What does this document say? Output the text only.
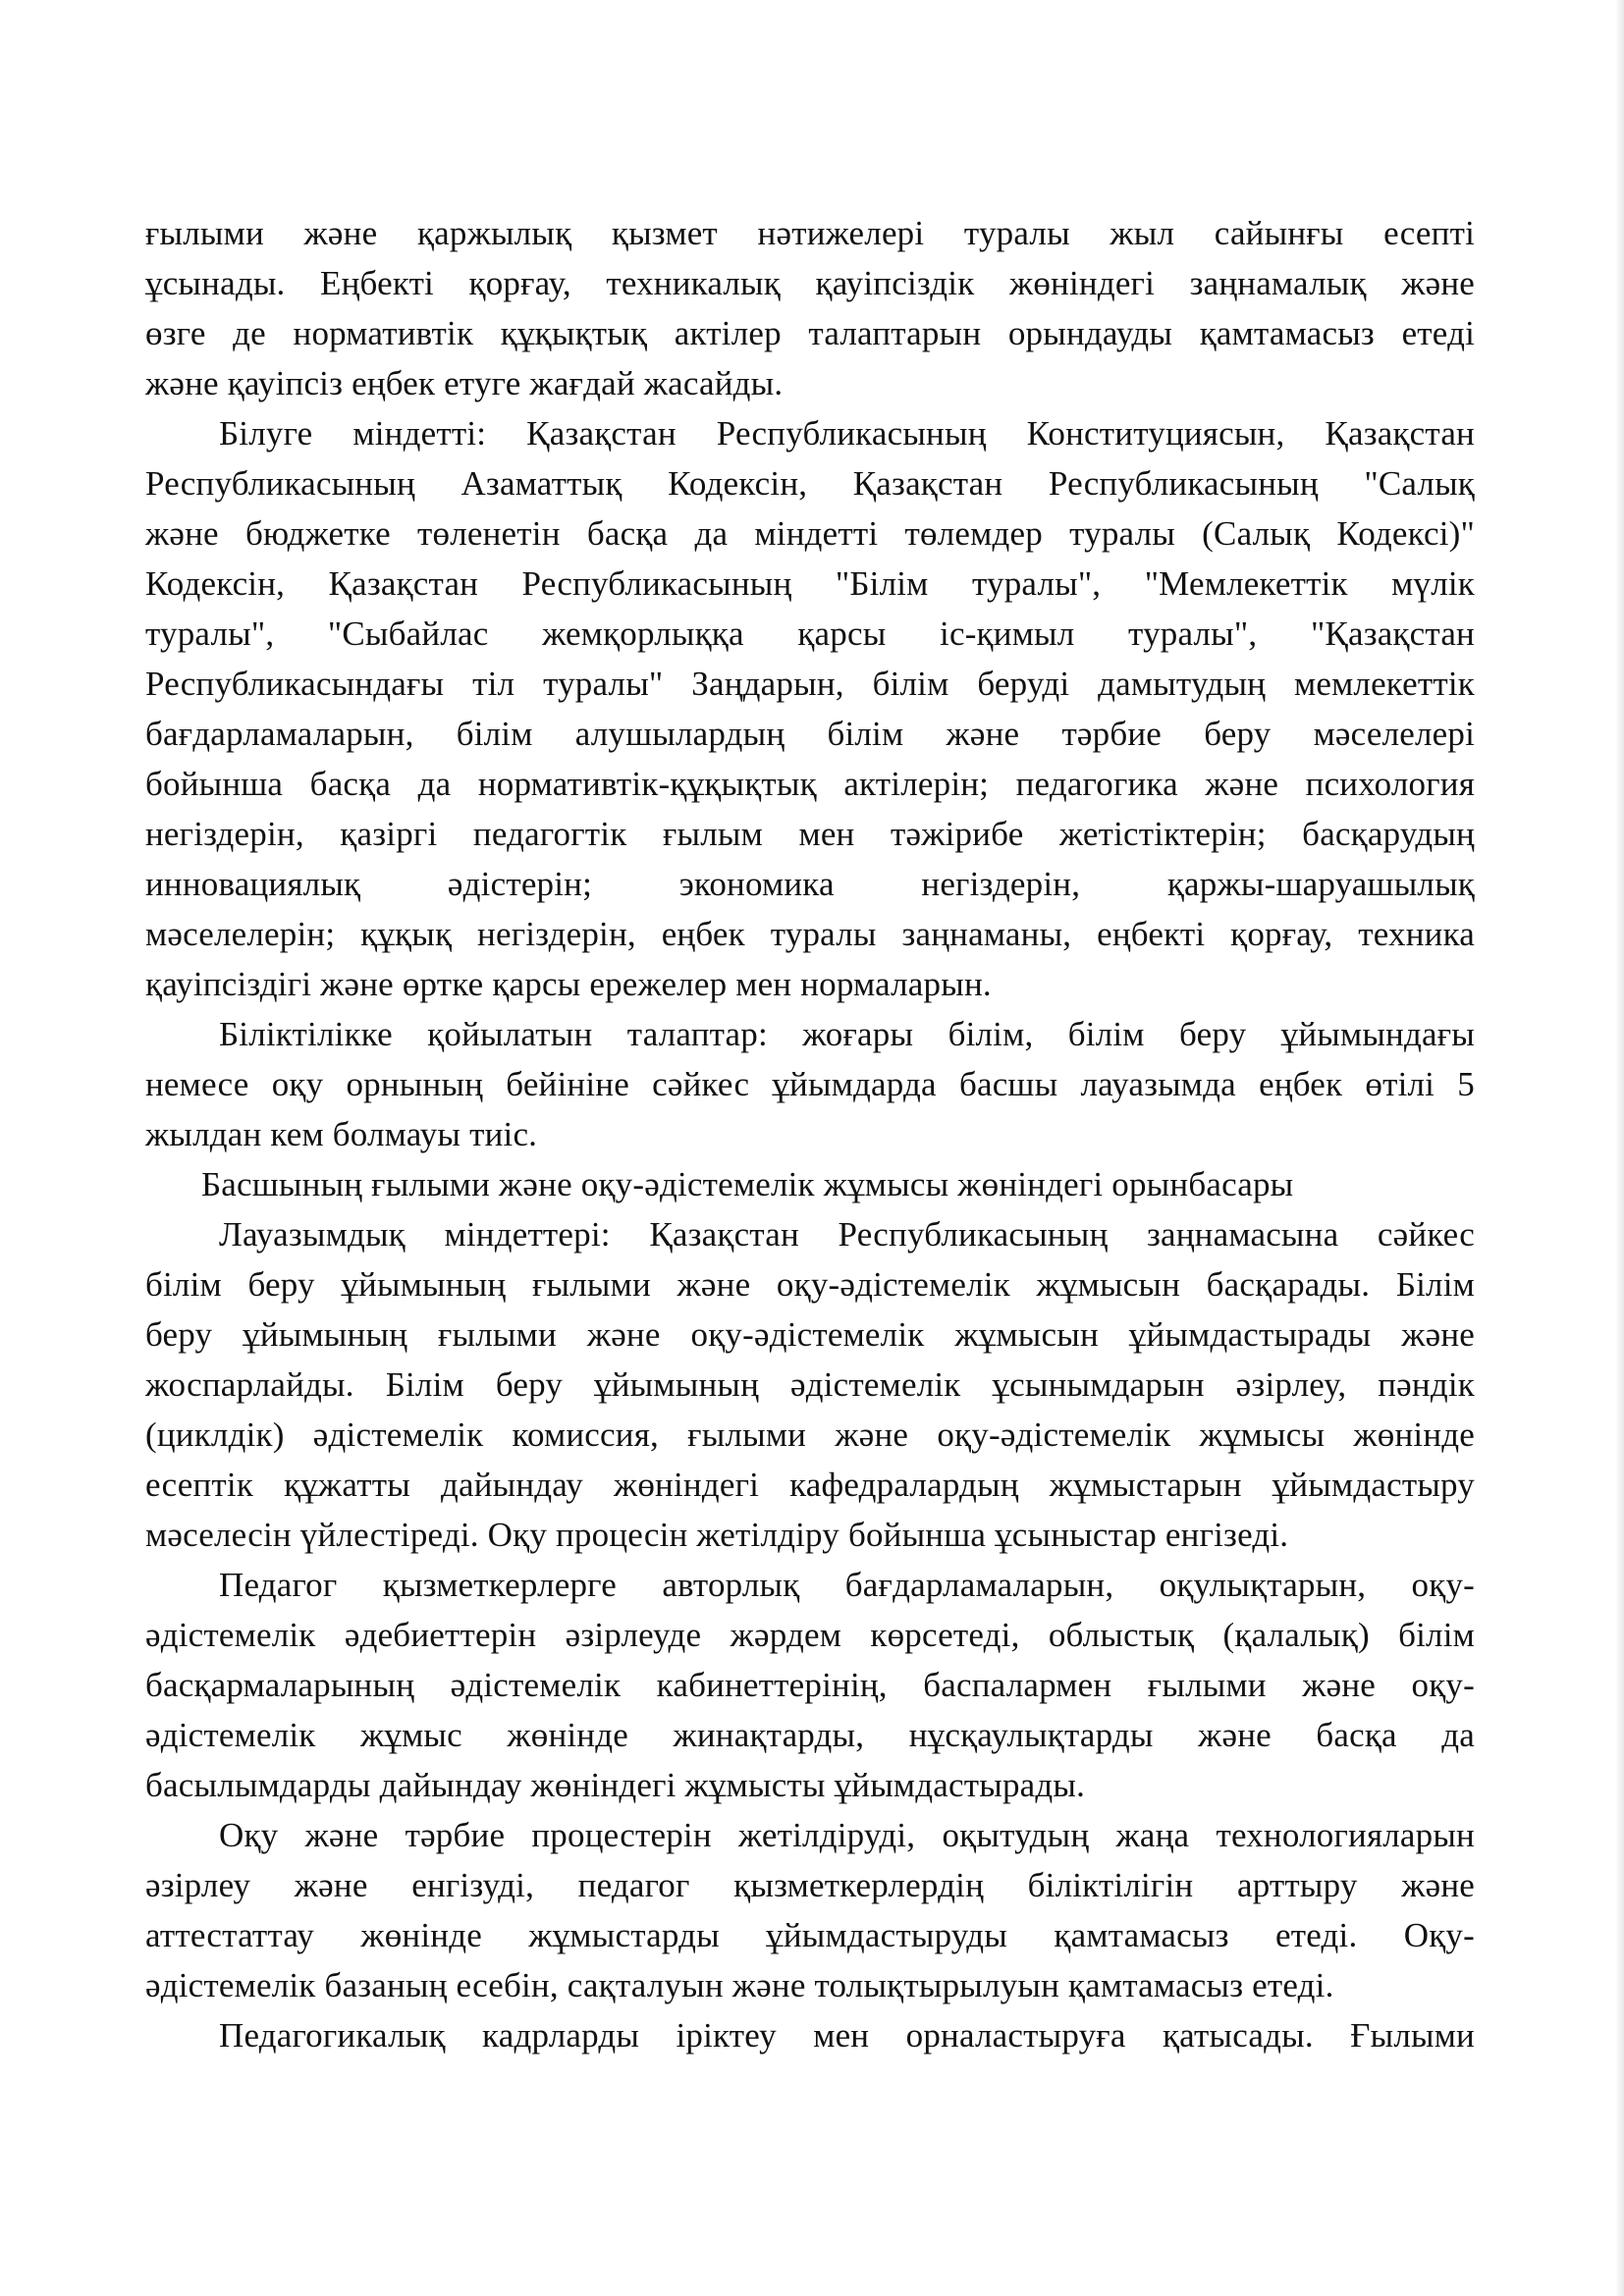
ғылыми және қаржылық қызмет нәтижелері туралы жыл сайынғы есепті
ұсынады. Еңбекті қорғау, техникалық қауіпсіздік жөніндегі заңнамалық және
өзге де нормативтік құқықтық актілер талаптарын орындауды қамтамасыз етеді
және қауіпсіз еңбек етуге жағдай жасайды.
Білуге міндетті: Қазақстан Республикасының Конституциясын, Қазақстан
Республикасының Азаматтық Кодексін, Қазақстан Республикасының "Салық
және бюджетке төленетін басқа да міндетті төлемдер туралы (Салық Кодексі)"
Кодексін, Қазақстан Республикасының "Білім туралы", "Мемлекеттік мүлік
туралы", "Сыбайлас жемқорлыққа қарсы іс-қимыл туралы", "Қазақстан
Республикасындағы тіл туралы" Заңдарын, білім беруді дамытудың мемлекеттік
бағдарламаларын, білім алушылардың білім және тәрбие беру мәселелері
бойынша басқа да нормативтік-құқықтық актілерін; педагогика және психология
негіздерін, қазіргі педагогтік ғылым мен тәжірибе жетістіктерін; басқарудың
инновациялық әдістерін; экономика негіздерін, қаржы-шаруашылық
мәселелерін; құқық негіздерін, еңбек туралы заңнаманы, еңбекті қорғау, техника
қауіпсіздігі және өртке қарсы ережелер мен нормаларын.
Біліктілікке қойылатын талаптар: жоғары білім, білім беру ұйымындағы
немесе оқу орнының бейініне сәйкес ұйымдарда басшы лауазымда еңбек өтілі 5
жылдан кем болмауы тиіс.
Басшының ғылыми және оқу-әдістемелік жұмысы жөніндегі орынбасары
Лауазымдық міндеттері: Қазақстан Республикасының заңнамасына сәйкес
білім беру ұйымының ғылыми және оқу-әдістемелік жұмысын басқарады. Білім
беру ұйымының ғылыми және оқу-әдістемелік жұмысын ұйымдастырады және
жоспарлайды. Білім беру ұйымының әдістемелік ұсынымдарын әзірлеу, пәндік
(циклдік) әдістемелік комиссия, ғылыми және оқу-әдістемелік жұмысы жөнінде
есептік құжатты дайындау жөніндегі кафедралардың жұмыстарын ұйымдастыру
мәселесін үйлестіреді. Оқу процесін жетілдіру бойынша ұсыныстар енгізеді.
Педагог қызметкерлерге авторлық бағдарламаларын, оқулықтарын, оқу-
әдістемелік әдебиеттерін әзірлеуде жәрдем көрсетеді, облыстық (қалалық) білім
басқармаларының әдістемелік кабинеттерінің, баспалармен ғылыми және оқу-
әдістемелік жұмыс жөнінде жинақтарды, нұсқаулықтарды және басқа да
басылымдарды дайындау жөніндегі жұмысты ұйымдастырады.
Оқу және тәрбие процестерін жетілдіруді, оқытудың жаңа технологияларын
әзірлеу және енгізуді, педагог қызметкерлердің біліктілігін арттыру және
аттестаттау жөнінде жұмыстарды ұйымдастыруды қамтамасыз етеді. Оқу-
әдістемелік базаның есебін, сақталуын және толықтырылуын қамтамасыз етеді.
Педагогикалық кадрларды іріктеу мен орналастыруға қатысады. Ғылыми
